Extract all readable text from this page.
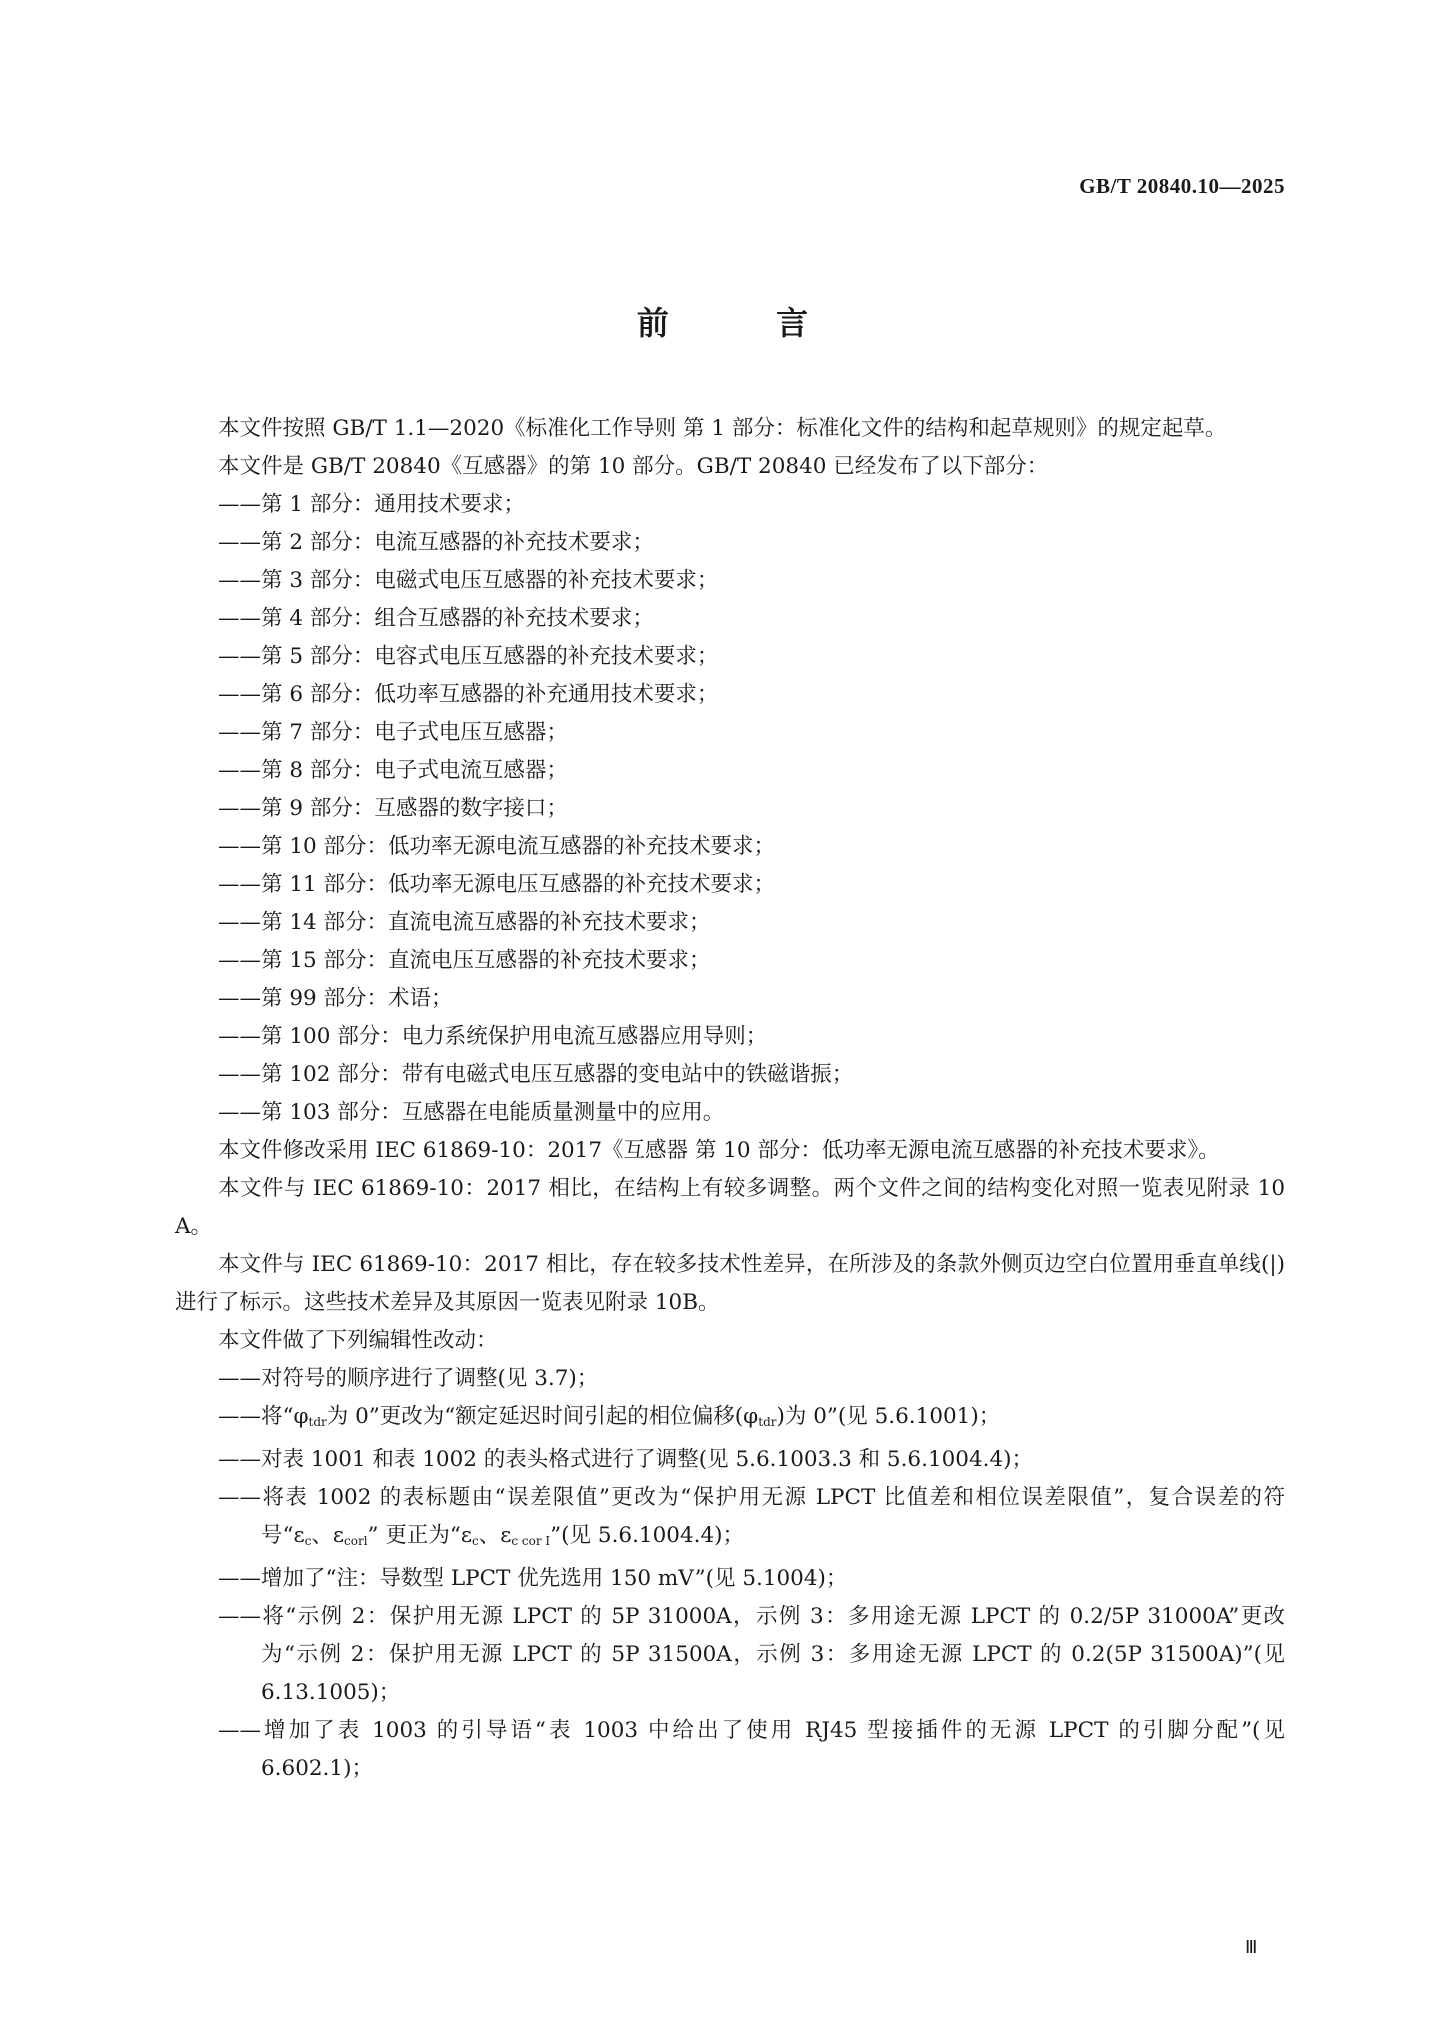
GB/T 20840.10—2025
前 言

本文件按照 GB/T 1.1—2020《标准化工作导则 第 1 部分：标准化文件的结构和起草规则》的规定起草。

本文件是 GB/T 20840《互感器》的第 10 部分。GB/T 20840 已经发布了以下部分：

——第 1 部分：通用技术要求；

——第 2 部分：电流互感器的补充技术要求；

——第 3 部分：电磁式电压互感器的补充技术要求；

——第 4 部分：组合互感器的补充技术要求；

——第 5 部分：电容式电压互感器的补充技术要求；

——第 6 部分：低功率互感器的补充通用技术要求；

——第 7 部分：电子式电压互感器；

——第 8 部分：电子式电流互感器；

——第 9 部分：互感器的数字接口；

——第 10 部分：低功率无源电流互感器的补充技术要求；

——第 11 部分：低功率无源电压互感器的补充技术要求；

——第 14 部分：直流电流互感器的补充技术要求；

——第 15 部分：直流电压互感器的补充技术要求；

——第 99 部分：术语；

——第 100 部分：电力系统保护用电流互感器应用导则；

——第 102 部分：带有电磁式电压互感器的变电站中的铁磁谐振；

——第 103 部分：互感器在电能质量测量中的应用。

本文件修改采用 IEC 61869-10：2017《互感器 第 10 部分：低功率无源电流互感器的补充技术要求》。

本文件与 IEC 61869-10：2017 相比，在结构上有较多调整。两个文件之间的结构变化对照一览表见附录 10 A。

本文件与 IEC 61869-10：2017 相比，存在较多技术性差异，在所涉及的条款外侧页边空白位置用垂直单线(|)进行了标示。这些技术差异及其原因一览表见附录 10B。

本文件做了下列编辑性改动：

——对符号的顺序进行了调整(见 3.7)；

——将“$\varphi_{tdr}$为 0”更改为“额定延迟时间引起的相位偏移$(\varphi_{tdr})$为 0”(见 5.6.1001)；

——对表 1001 和表 1002 的表头格式进行了调整(见 5.6.1003.3 和 5.6.1004.4)；

——将表 1002 的表标题由“误差限值”更改为“保护用无源 LPCT 比值差和相位误差限值”，复合误差的符号“$\varepsilon_c$、$\varepsilon_{corl}$” 更正为“$\varepsilon_c$、$\varepsilon_{c cor I}$”(见 5.6.1004.4)；

——增加了“注：导数型 LPCT 优先选用 150 mV”(见 5.1004)；

——将“示例 2：保护用无源 LPCT 的 5P 31000A，示例 3：多用途无源 LPCT 的 0.2/5P 31000A”更改为“示例 2：保护用无源 LPCT 的 5P 31500A，示例 3：多用途无源 LPCT 的 0.2(5P 31500A)”(见 6.13.1005)；

——增加了表 1003 的引导语“表 1003 中给出了使用 RJ45 型接插件的无源 LPCT 的引脚分配”(见 6.602.1)；

Ⅲ
